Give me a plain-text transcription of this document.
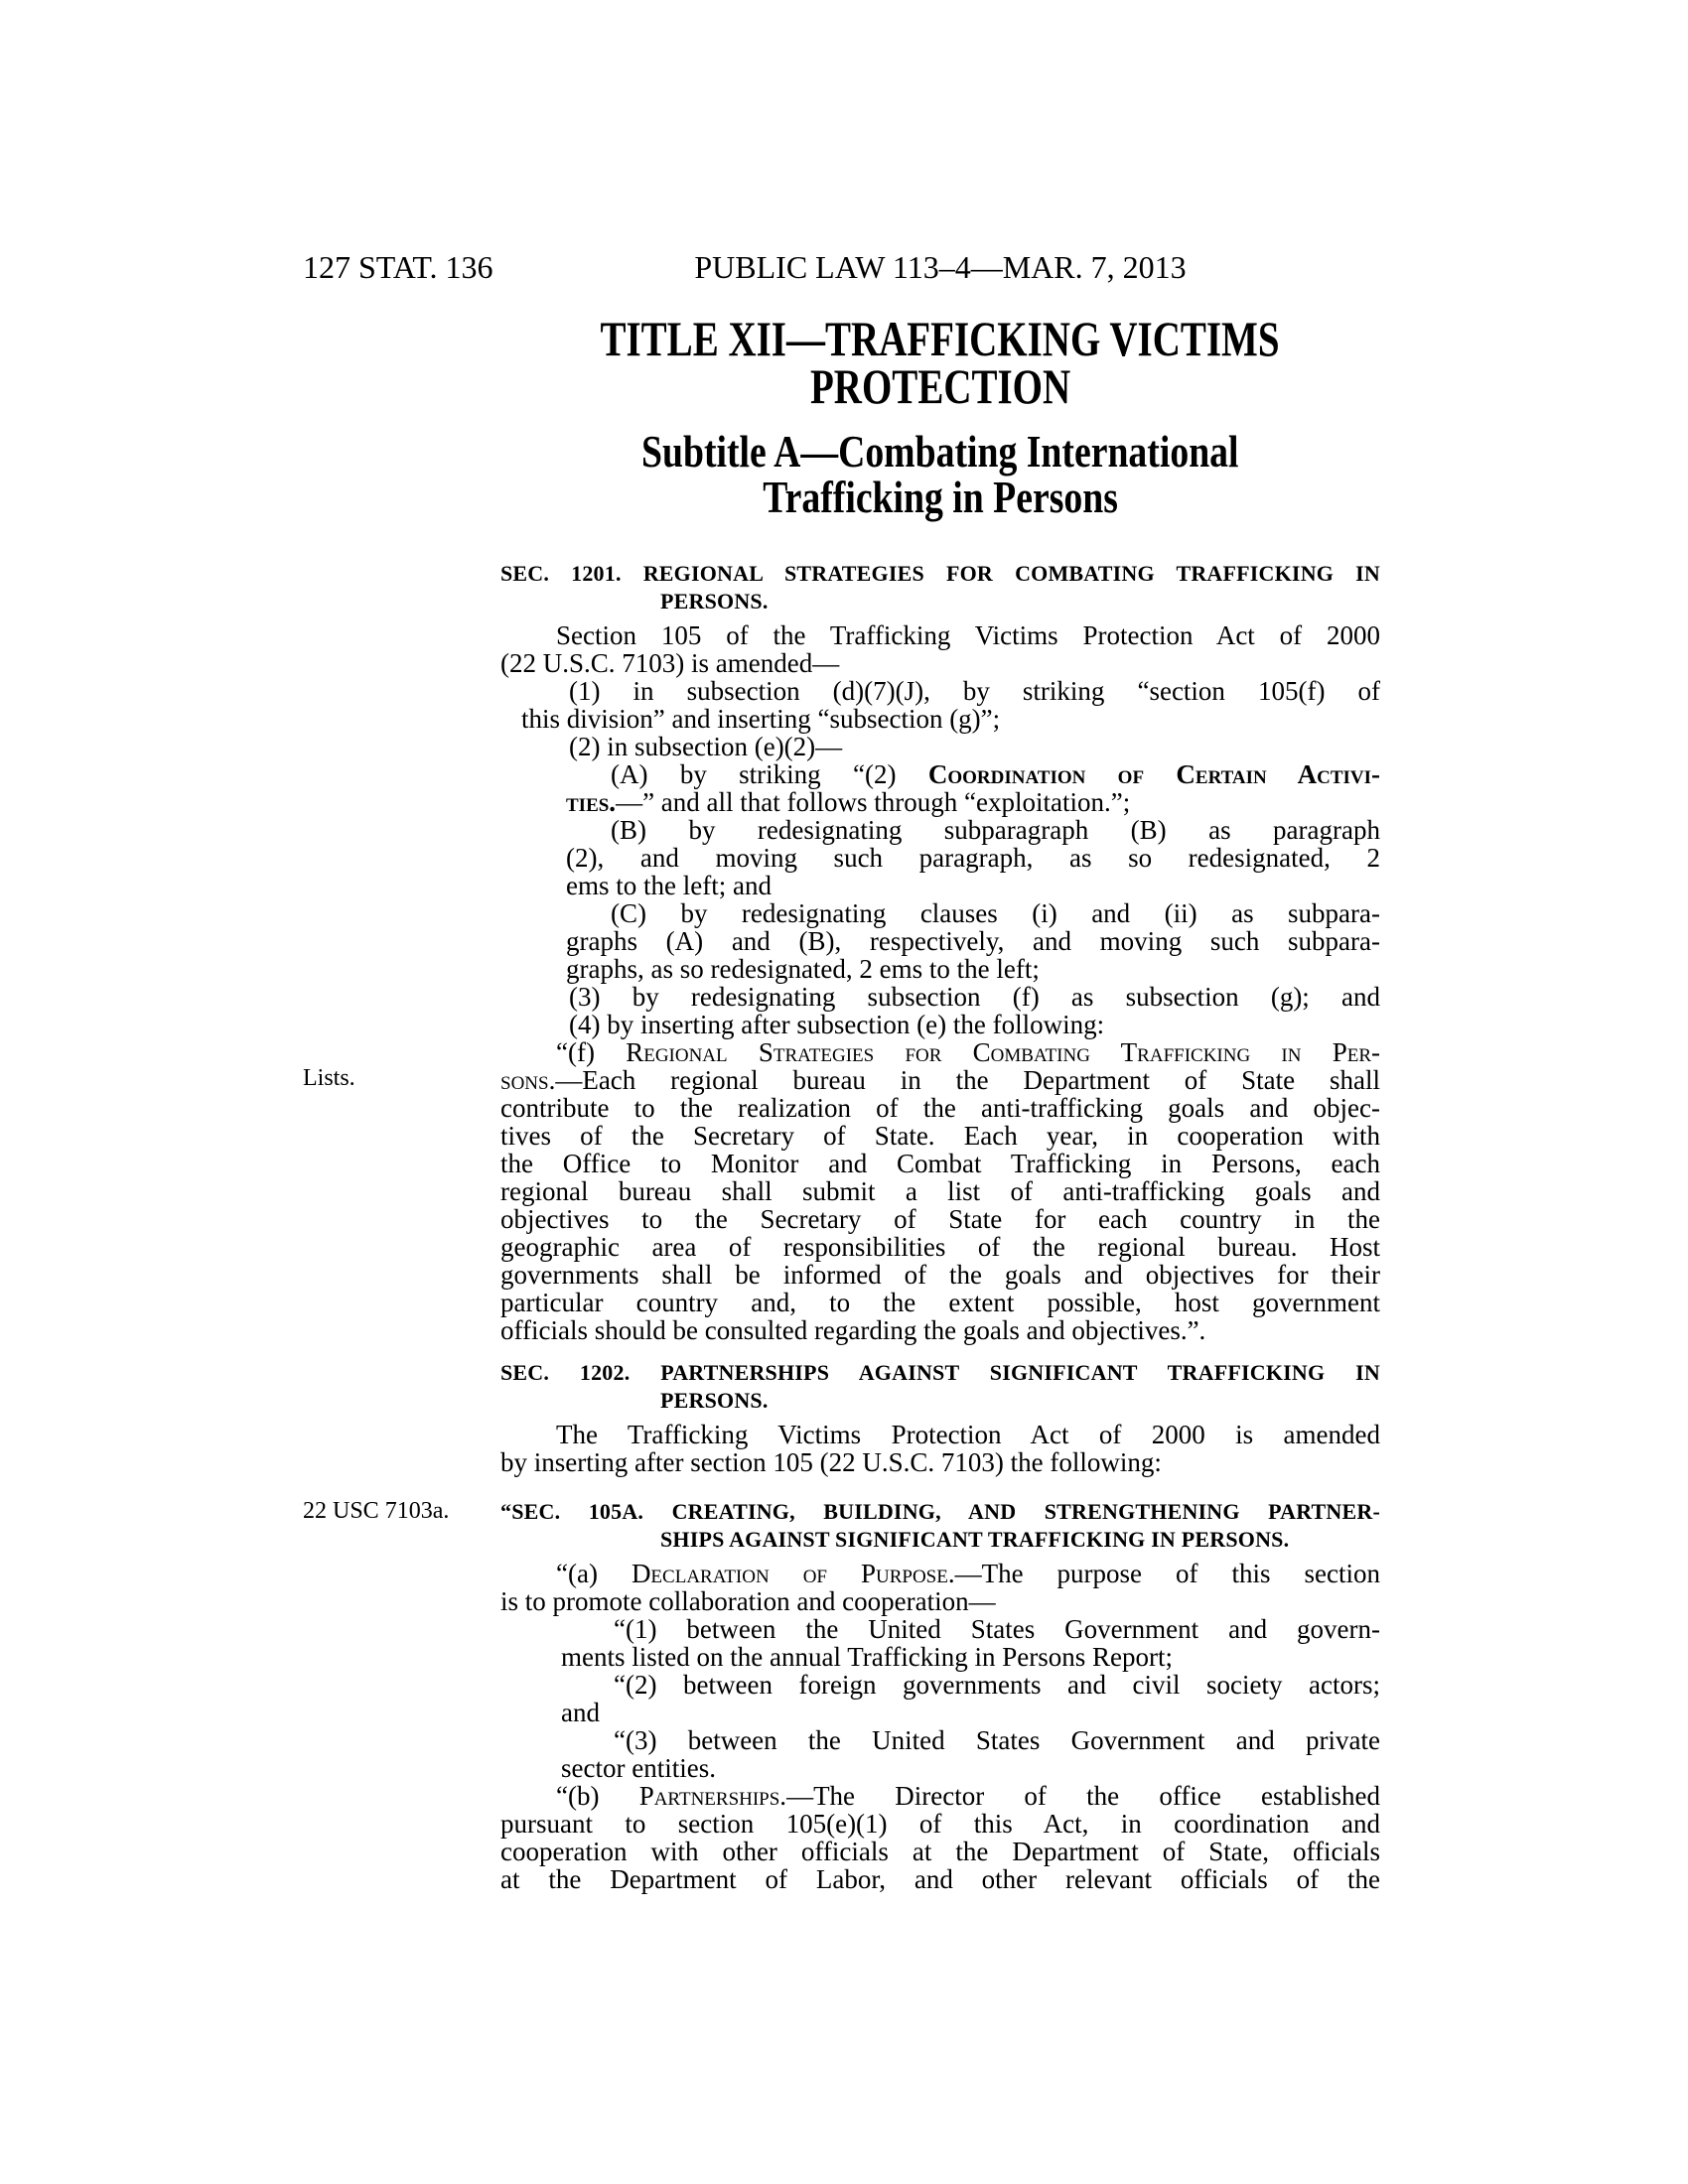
127 STAT. 136	PUBLIC LAW 113–4—MAR. 7, 2013
TITLE XII—TRAFFICKING VICTIMS
PROTECTION
Subtitle A—Combating International
Trafficking in Persons
Lists.
22 USC 7103a.
SEC. 1201. REGIONAL STRATEGIES FOR COMBATING TRAFFICKING IN
PERSONS.
Section 105 of the Trafficking Victims Protection Act of 2000
(22 U.S.C. 7103) is amended—
(1) in subsection (d)(7)(J), by striking “section 105(f) of
this division” and inserting “subsection (g)”;
(2) in subsection (e)(2)—
(A) by striking “(2) Coordination of Certain Activi-
ties.—” and all that follows through “exploitation.”;
(B) by redesignating subparagraph (B) as paragraph
(2), and moving such paragraph, as so redesignated, 2
ems to the left; and
(C) by redesignating clauses (i) and (ii) as subpara-
graphs (A) and (B), respectively, and moving such subpara-
graphs, as so redesignated, 2 ems to the left;
(3) by redesignating subsection (f) as subsection (g); and
(4) by inserting after subsection (e) the following:
“(f) Regional Strategies for Combating Trafficking in Per-
sons.—Each regional bureau in the Department of State shall
contribute to the realization of the anti-trafficking goals and objec-
tives of the Secretary of State. Each year, in cooperation with
the Office to Monitor and Combat Trafficking in Persons, each
regional bureau shall submit a list of anti-trafficking goals and
objectives to the Secretary of State for each country in the
geographic area of responsibilities of the regional bureau. Host
governments shall be informed of the goals and objectives for their
particular country and, to the extent possible, host government
officials should be consulted regarding the goals and objectives.”.
SEC. 1202. PARTNERSHIPS AGAINST SIGNIFICANT TRAFFICKING IN
PERSONS.
The Trafficking Victims Protection Act of 2000 is amended
by inserting after section 105 (22 U.S.C. 7103) the following:
“SEC. 105A. CREATING, BUILDING, AND STRENGTHENING PARTNER-
SHIPS AGAINST SIGNIFICANT TRAFFICKING IN PERSONS.
“(a) Declaration of Purpose.—The purpose of this section
is to promote collaboration and cooperation—
“(1) between the United States Government and govern-
ments listed on the annual Trafficking in Persons Report;
“(2) between foreign governments and civil society actors;
and
“(3) between the United States Government and private
sector entities.
“(b) Partnerships.—The Director of the office established
pursuant to section 105(e)(1) of this Act, in coordination and
cooperation with other officials at the Department of State, officials
at the Department of Labor, and other relevant officials of the
